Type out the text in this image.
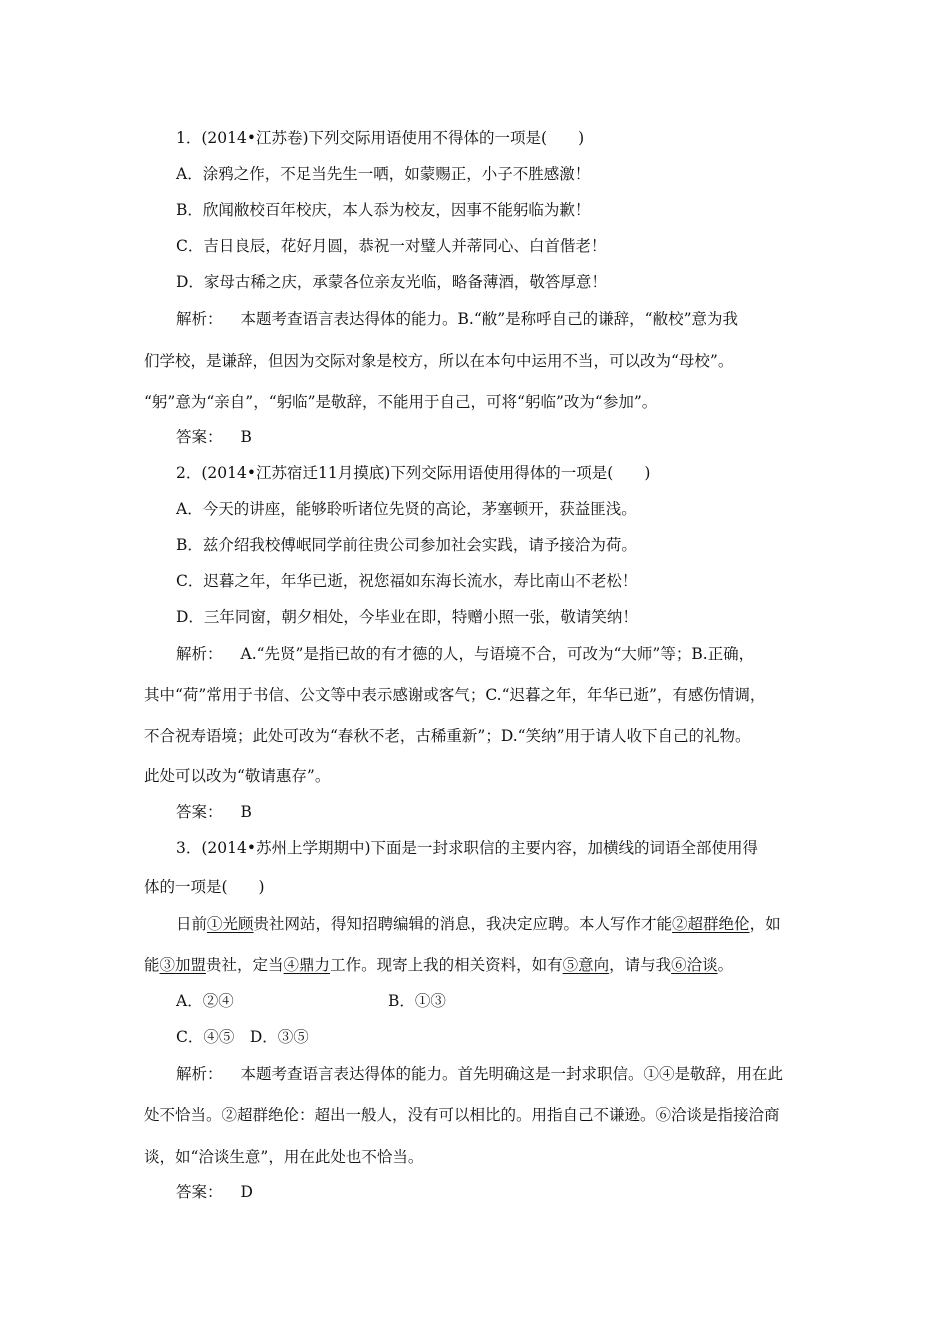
1．(2014•江苏卷)下列交际用语使用不得体的一项是(　　)

A．涂鸦之作，不足当先生一哂，如蒙赐正，小子不胜感激！

B．欣闻敝校百年校庆，本人忝为校友，因事不能躬临为歉！

C．吉日良辰，花好月圆，恭祝一对璧人并蒂同心、白首偕老！

D．家母古稀之庆，承蒙各位亲友光临，略备薄酒，敬答厚意！

解析： 本题考查语言表达得体的能力。B.“敝”是称呼自己的谦辞，“敝校”意为我

们学校，是谦辞，但因为交际对象是校方，所以在本句中运用不当，可以改为“母校”。

“躬”意为“亲自”，“躬临”是敬辞，不能用于自己，可将“躬临”改为“参加”。

答案： B

2．(2014•江苏宿迁11月摸底)下列交际用语使用得体的一项是(　　)

A．今天的讲座，能够聆听诸位先贤的高论，茅塞顿开，获益匪浅。

B．兹介绍我校傅岷同学前往贵公司参加社会实践，请予接洽为荷。

C．迟暮之年，年华已逝，祝您福如东海长流水，寿比南山不老松！

D．三年同窗，朝夕相处，今毕业在即，特赠小照一张，敬请笑纳！

解析： A.“先贤”是指已故的有才德的人，与语境不合，可改为“大师”等；B.正确，

其中“荷”常用于书信、公文等中表示感谢或客气；C.“迟暮之年，年华已逝”，有感伤情调，

不合祝寿语境；此处可改为“春秋不老，古稀重新”；D.“笑纳”用于请人收下自己的礼物。

此处可以改为“敬请惠存”。

答案： B

3．(2014•苏州上学期期中)下面是一封求职信的主要内容，加横线的词语全部使用得

体的一项是(　　)

日前①光顾贵社网站，得知招聘编辑的消息，我决定应聘。本人写作才能②超群绝伦，如

能③加盟贵社，定当④鼎力工作。现寄上我的相关资料，如有⑤意向，请与我⑥洽谈。

A．②④	B．①③

C．④⑤　D．③⑤

解析： 本题考查语言表达得体的能力。首先明确这是一封求职信。①④是敬辞，用在此

处不恰当。②超群绝伦：超出一般人，没有可以相比的。用指自己不谦逊。⑥洽谈是指接洽商

谈，如“洽谈生意”，用在此处也不恰当。

答案： D
